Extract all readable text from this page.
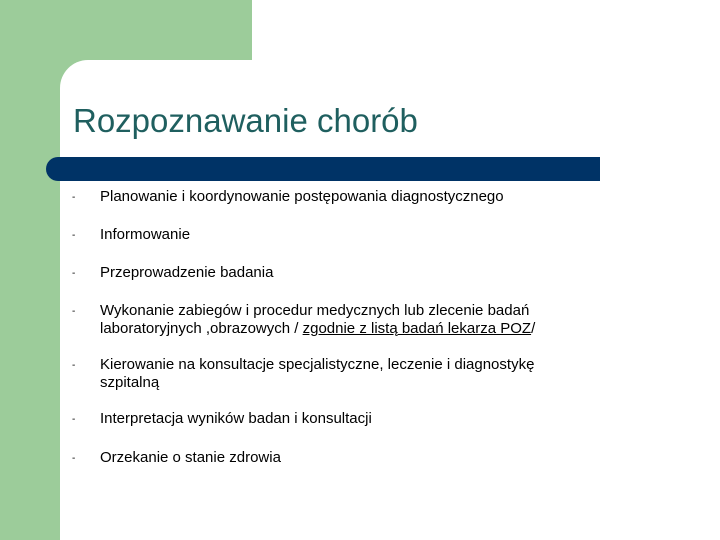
Rozpoznawanie chorób
- Planowanie i koordynowanie postępowania diagnostycznego
- Informowanie
- Przeprowadzenie badania
- Wykonanie zabiegów i procedur medycznych lub zlecenie badań
laboratoryjnych ,obrazowych / zgodnie z listą badań lekarza POZ/
- Kierowanie na konsultacje specjalistyczne, leczenie i diagnostykę
szpitalną
- Interpretacja wyników badan i konsultacji
- Orzekanie o stanie zdrowia
